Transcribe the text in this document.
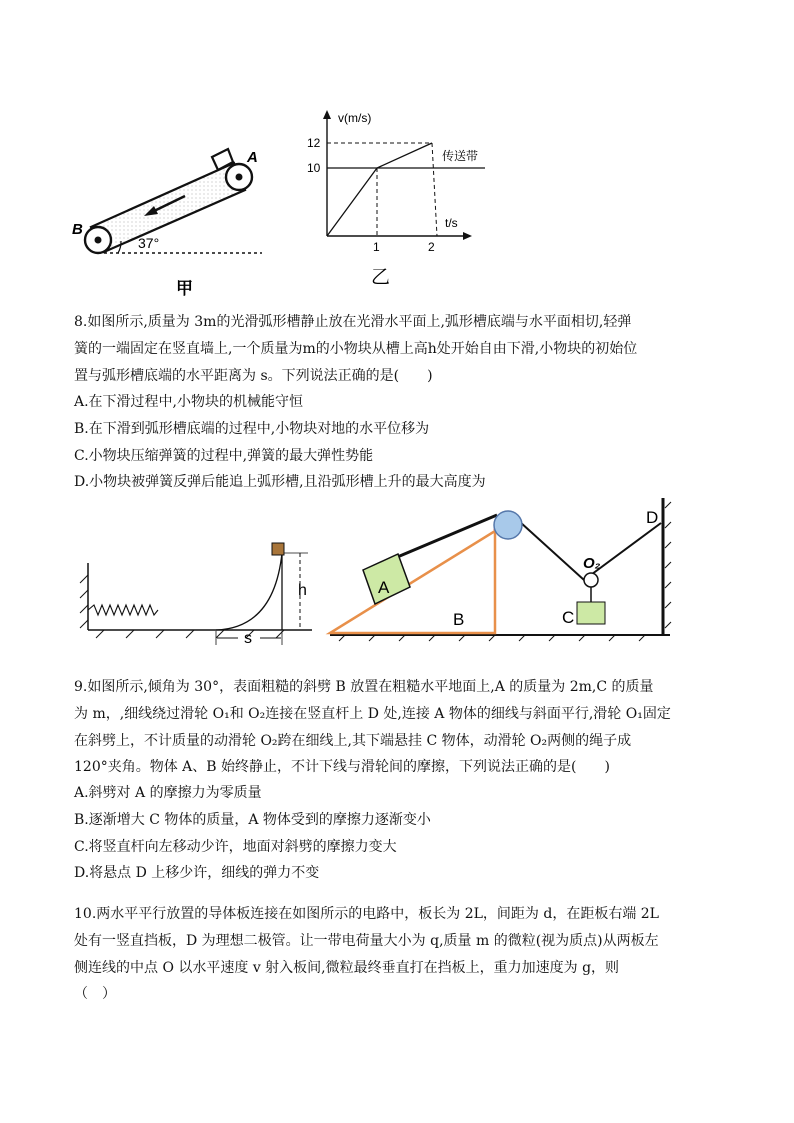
37°
A
B
甲
v(m/s)
t/s
12
10
1	2
传送带
乙
8.如图所示,质量为 3m的光滑弧形槽静止放在光滑水平面上,弧形槽底端与水平面相切,轻弹
簧的一端固定在竖直墙上,一个质量为m的小物块从槽上高h处开始自由下滑,小物块的初始位
置与弧形槽底端的水平距离为 s。下列说法正确的是(　　)
A.在下滑过程中,小物块的机械能守恒
B.在下滑到弧形槽底端的过程中,小物块对地的水平位移为
C.小物块压缩弹簧的过程中,弹簧的最大弹性势能
D.小物块被弹簧反弹后能追上弧形槽,且沿弧形槽上升的最大高度为
h
s
A
B	C
O₂
D
9.如图所示,倾角为 30°，表面粗糙的斜劈 B 放置在粗糙水平地面上,A 的质量为 2m,C 的质量
为 m，,细线绕过滑轮 O₁和 O₂连接在竖直杆上 D 处,连接 A 物体的细线与斜面平行,滑轮 O₁固定
在斜劈上，不计质量的动滑轮 O₂跨在细线上,其下端悬挂 C 物体，动滑轮 O₂两侧的绳子成
120°夹角。物体 A、B 始终静止，不计下线与滑轮间的摩擦，下列说法正确的是(　　)
A.斜劈对 A 的摩擦力为零质量
B.逐渐增大 C 物体的质量，A 物体受到的摩擦力逐渐变小
C.将竖直杆向左移动少许，地面对斜劈的摩擦力变大
D.将悬点 D 上移少许，细线的弹力不变
10.两水平平行放置的导体板连接在如图所示的电路中，板长为 2L，间距为 d，在距板右端 2L
处有一竖直挡板，D 为理想二极管。让一带电荷量大小为 q,质量 m 的微粒(视为质点)从两板左
侧连线的中点 O 以水平速度 v 射入板间,微粒最终垂直打在挡板上，重力加速度为 g，则
（　）
